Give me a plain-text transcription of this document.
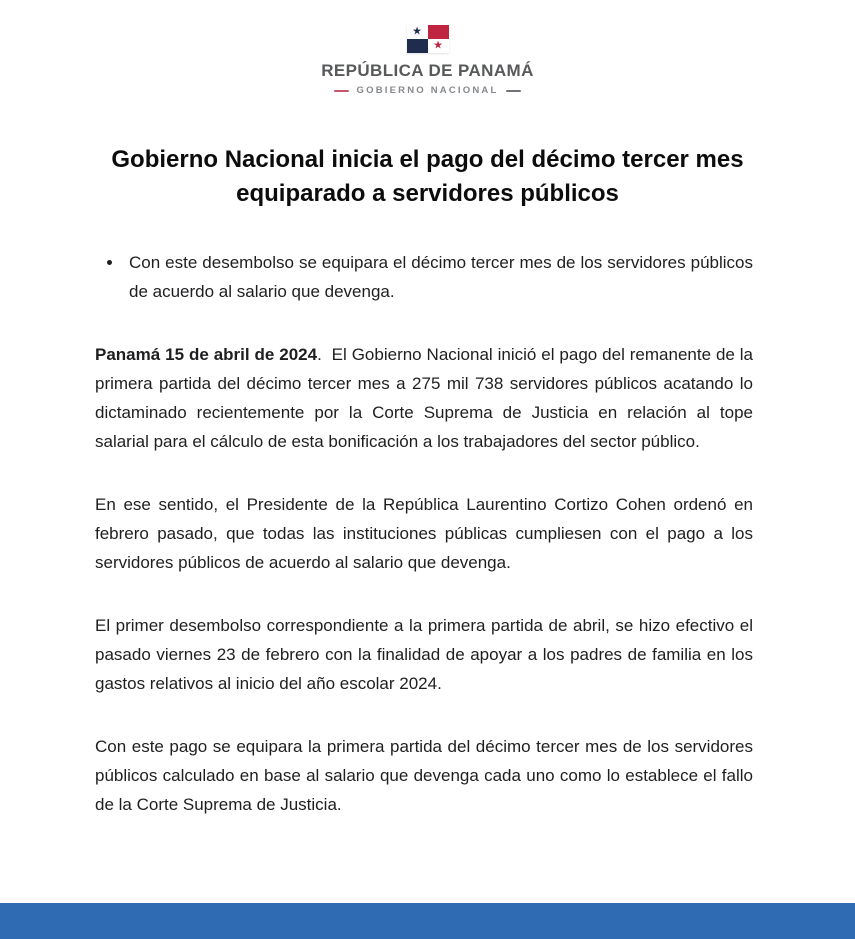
★
★
REPÚBLICA DE PANAMÁ
GOBIERNO NACIONAL
Gobierno Nacional inicia el pago del décimo tercer mes
equiparado a servidores públicos
• Con este desembolso se equipara el décimo tercer mes de los servidores públicos de acuerdo al salario que devenga.

Panamá 15 de abril de 2024.  El Gobierno Nacional inició el pago del remanente de la primera partida del décimo tercer mes a 275 mil 738 servidores públicos acatando lo dictaminado recientemente por la Corte Suprema de Justicia en relación al tope salarial para el cálculo de esta bonificación a los trabajadores del sector público.

En ese sentido, el Presidente de la República Laurentino Cortizo Cohen ordenó en febrero pasado, que todas las instituciones públicas cumpliesen con el pago a los servidores públicos de acuerdo al salario que devenga.

El primer desembolso correspondiente a la primera partida de abril, se hizo efectivo el pasado viernes 23 de febrero con la finalidad de apoyar a los padres de familia en los gastos relativos al inicio del año escolar 2024.

Con este pago se equipara la primera partida del décimo tercer mes de los servidores públicos calculado en base al salario que devenga cada uno como lo establece el fallo de la Corte Suprema de Justicia.
